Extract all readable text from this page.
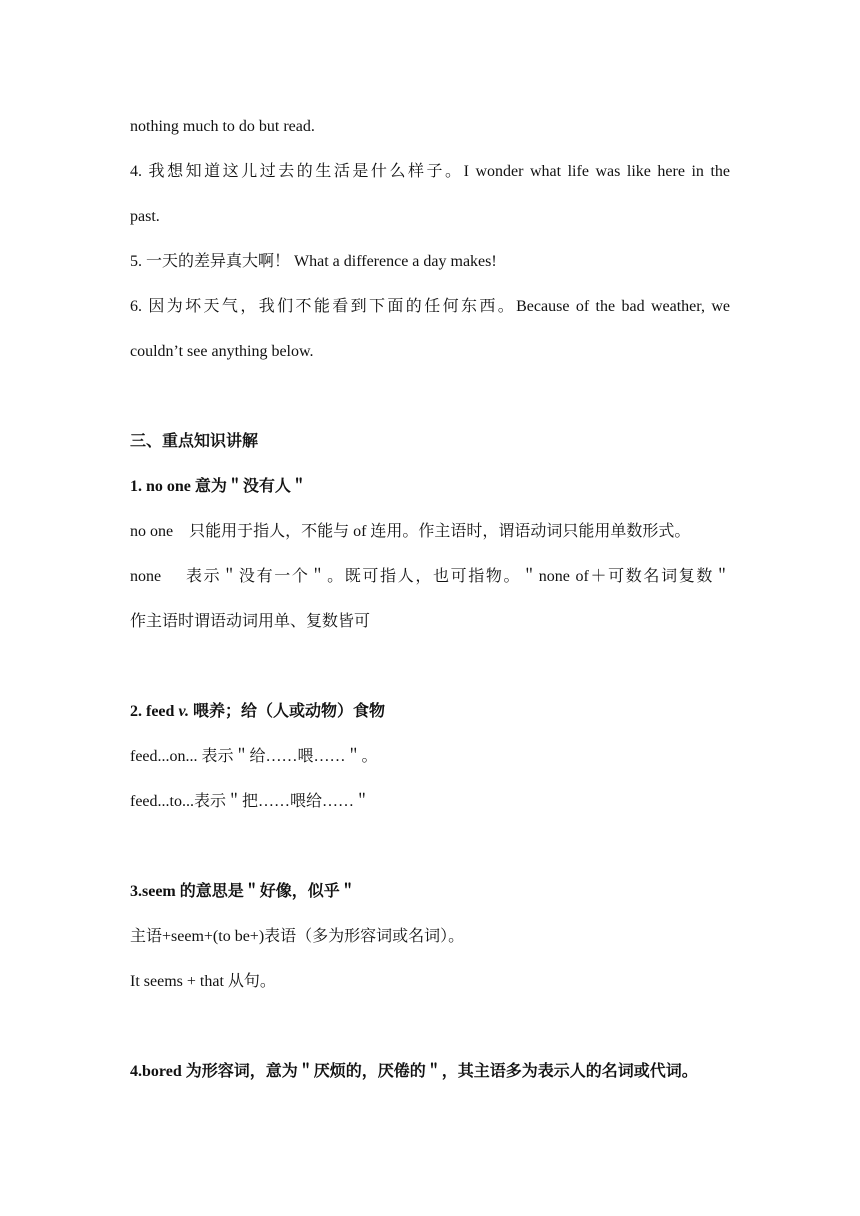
nothing much to do but read.
4. 我想知道这儿过去的生活是什么样子。I wonder what life was like here in the
past.
5. 一天的差异真大啊！ What a difference a day makes!
6. 因为坏天气，我们不能看到下面的任何东西。Because of the bad weather, we
couldn’t see anything below.
三、重点知识讲解
1. no one 意为＂没有人＂
no one　只能用于指人，不能与 of 连用。作主语时，谓语动词只能用单数形式。
none　 表示＂没有一个＂。既可指人，也可指物。＂none of＋可数名词复数＂
作主语时谓语动词用单、复数皆可
2. feed v. 喂养；给（人或动物）食物
feed...on... 表示＂给……喂……＂。
feed...to...表示＂把……喂给……＂
3.seem 的意思是＂好像，似乎＂
主语+seem+(to be+)表语（多为形容词或名词）。
It seems + that 从句。
4.bored 为形容词，意为＂厌烦的，厌倦的＂，其主语多为表示人的名词或代词。
